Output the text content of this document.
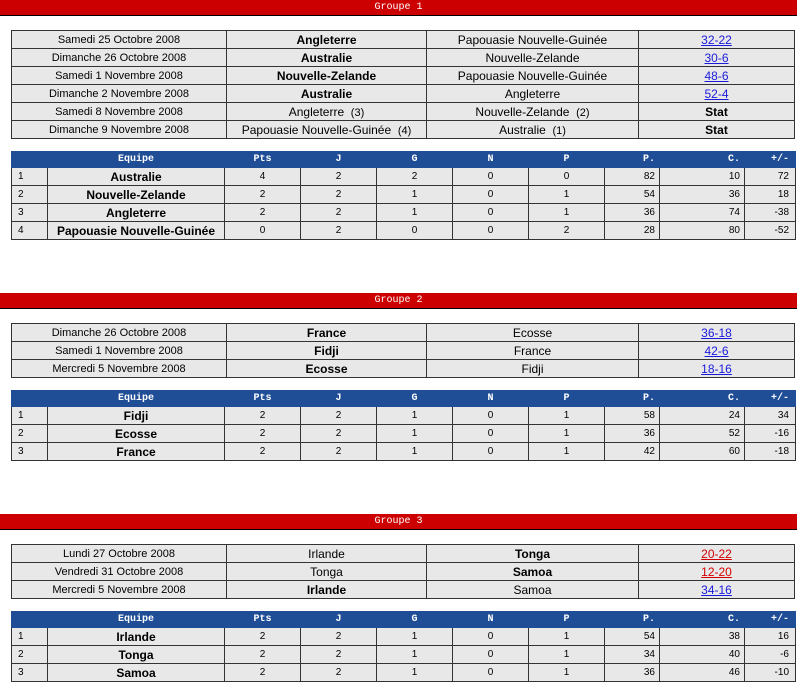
Groupe 1
Samedi 25 Octobre 2008	Angleterre	Papouasie Nouvelle-Guinée	32-22
Dimanche 26 Octobre 2008	Australie	Nouvelle-Zelande	30-6
Samedi 1 Novembre 2008	Nouvelle-Zelande	Papouasie Nouvelle-Guinée	48-6
Dimanche 2 Novembre 2008	Australie	Angleterre	52-4
Samedi 8 Novembre 2008	Angleterre (3)	Nouvelle-Zelande (2)	Stat
Dimanche 9 Novembre 2008	Papouasie Nouvelle-Guinée (4)	Australie (1)	Stat
	Equipe	Pts	J	G	N	P	P.	C.	+/-
1	Australie	4	2	2	0	0	82	10	72
2	Nouvelle-Zelande	2	2	1	0	1	54	36	18
3	Angleterre	2	2	1	0	1	36	74	-38
4	Papouasie Nouvelle-Guinée	0	2	0	0	2	28	80	-52
Groupe 2
Dimanche 26 Octobre 2008	France	Ecosse	36-18
Samedi 1 Novembre 2008	Fidji	France	42-6
Mercredi 5 Novembre 2008	Ecosse	Fidji	18-16
	Equipe	Pts	J	G	N	P	P.	C.	+/-
1	Fidji	2	2	1	0	1	58	24	34
2	Ecosse	2	2	1	0	1	36	52	-16
3	France	2	2	1	0	1	42	60	-18
Groupe 3
Lundi 27 Octobre 2008	Irlande	Tonga	20-22
Vendredi 31 Octobre 2008	Tonga	Samoa	12-20
Mercredi 5 Novembre 2008	Irlande	Samoa	34-16
	Equipe	Pts	J	G	N	P	P.	C.	+/-
1	Irlande	2	2	1	0	1	54	38	16
2	Tonga	2	2	1	0	1	34	40	-6
3	Samoa	2	2	1	0	1	36	46	-10
